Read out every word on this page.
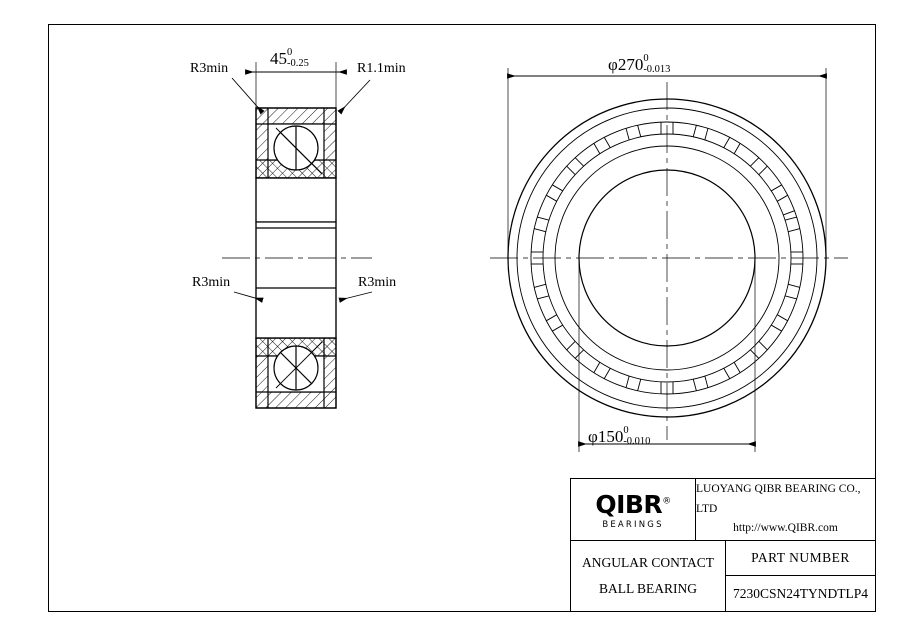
R3min	R1.1min
R3min	R3min
45 0
-0.25	φ270 0
-0.013
φ150 0
-0.010
QIBR®
BEARINGS
LUOYANG QIBR BEARING CO., LTD
http://www.QIBR.com
ANGULAR CONTACT
BALL BEARING
PART NUMBER
7230CSN24TYNDTLP4
